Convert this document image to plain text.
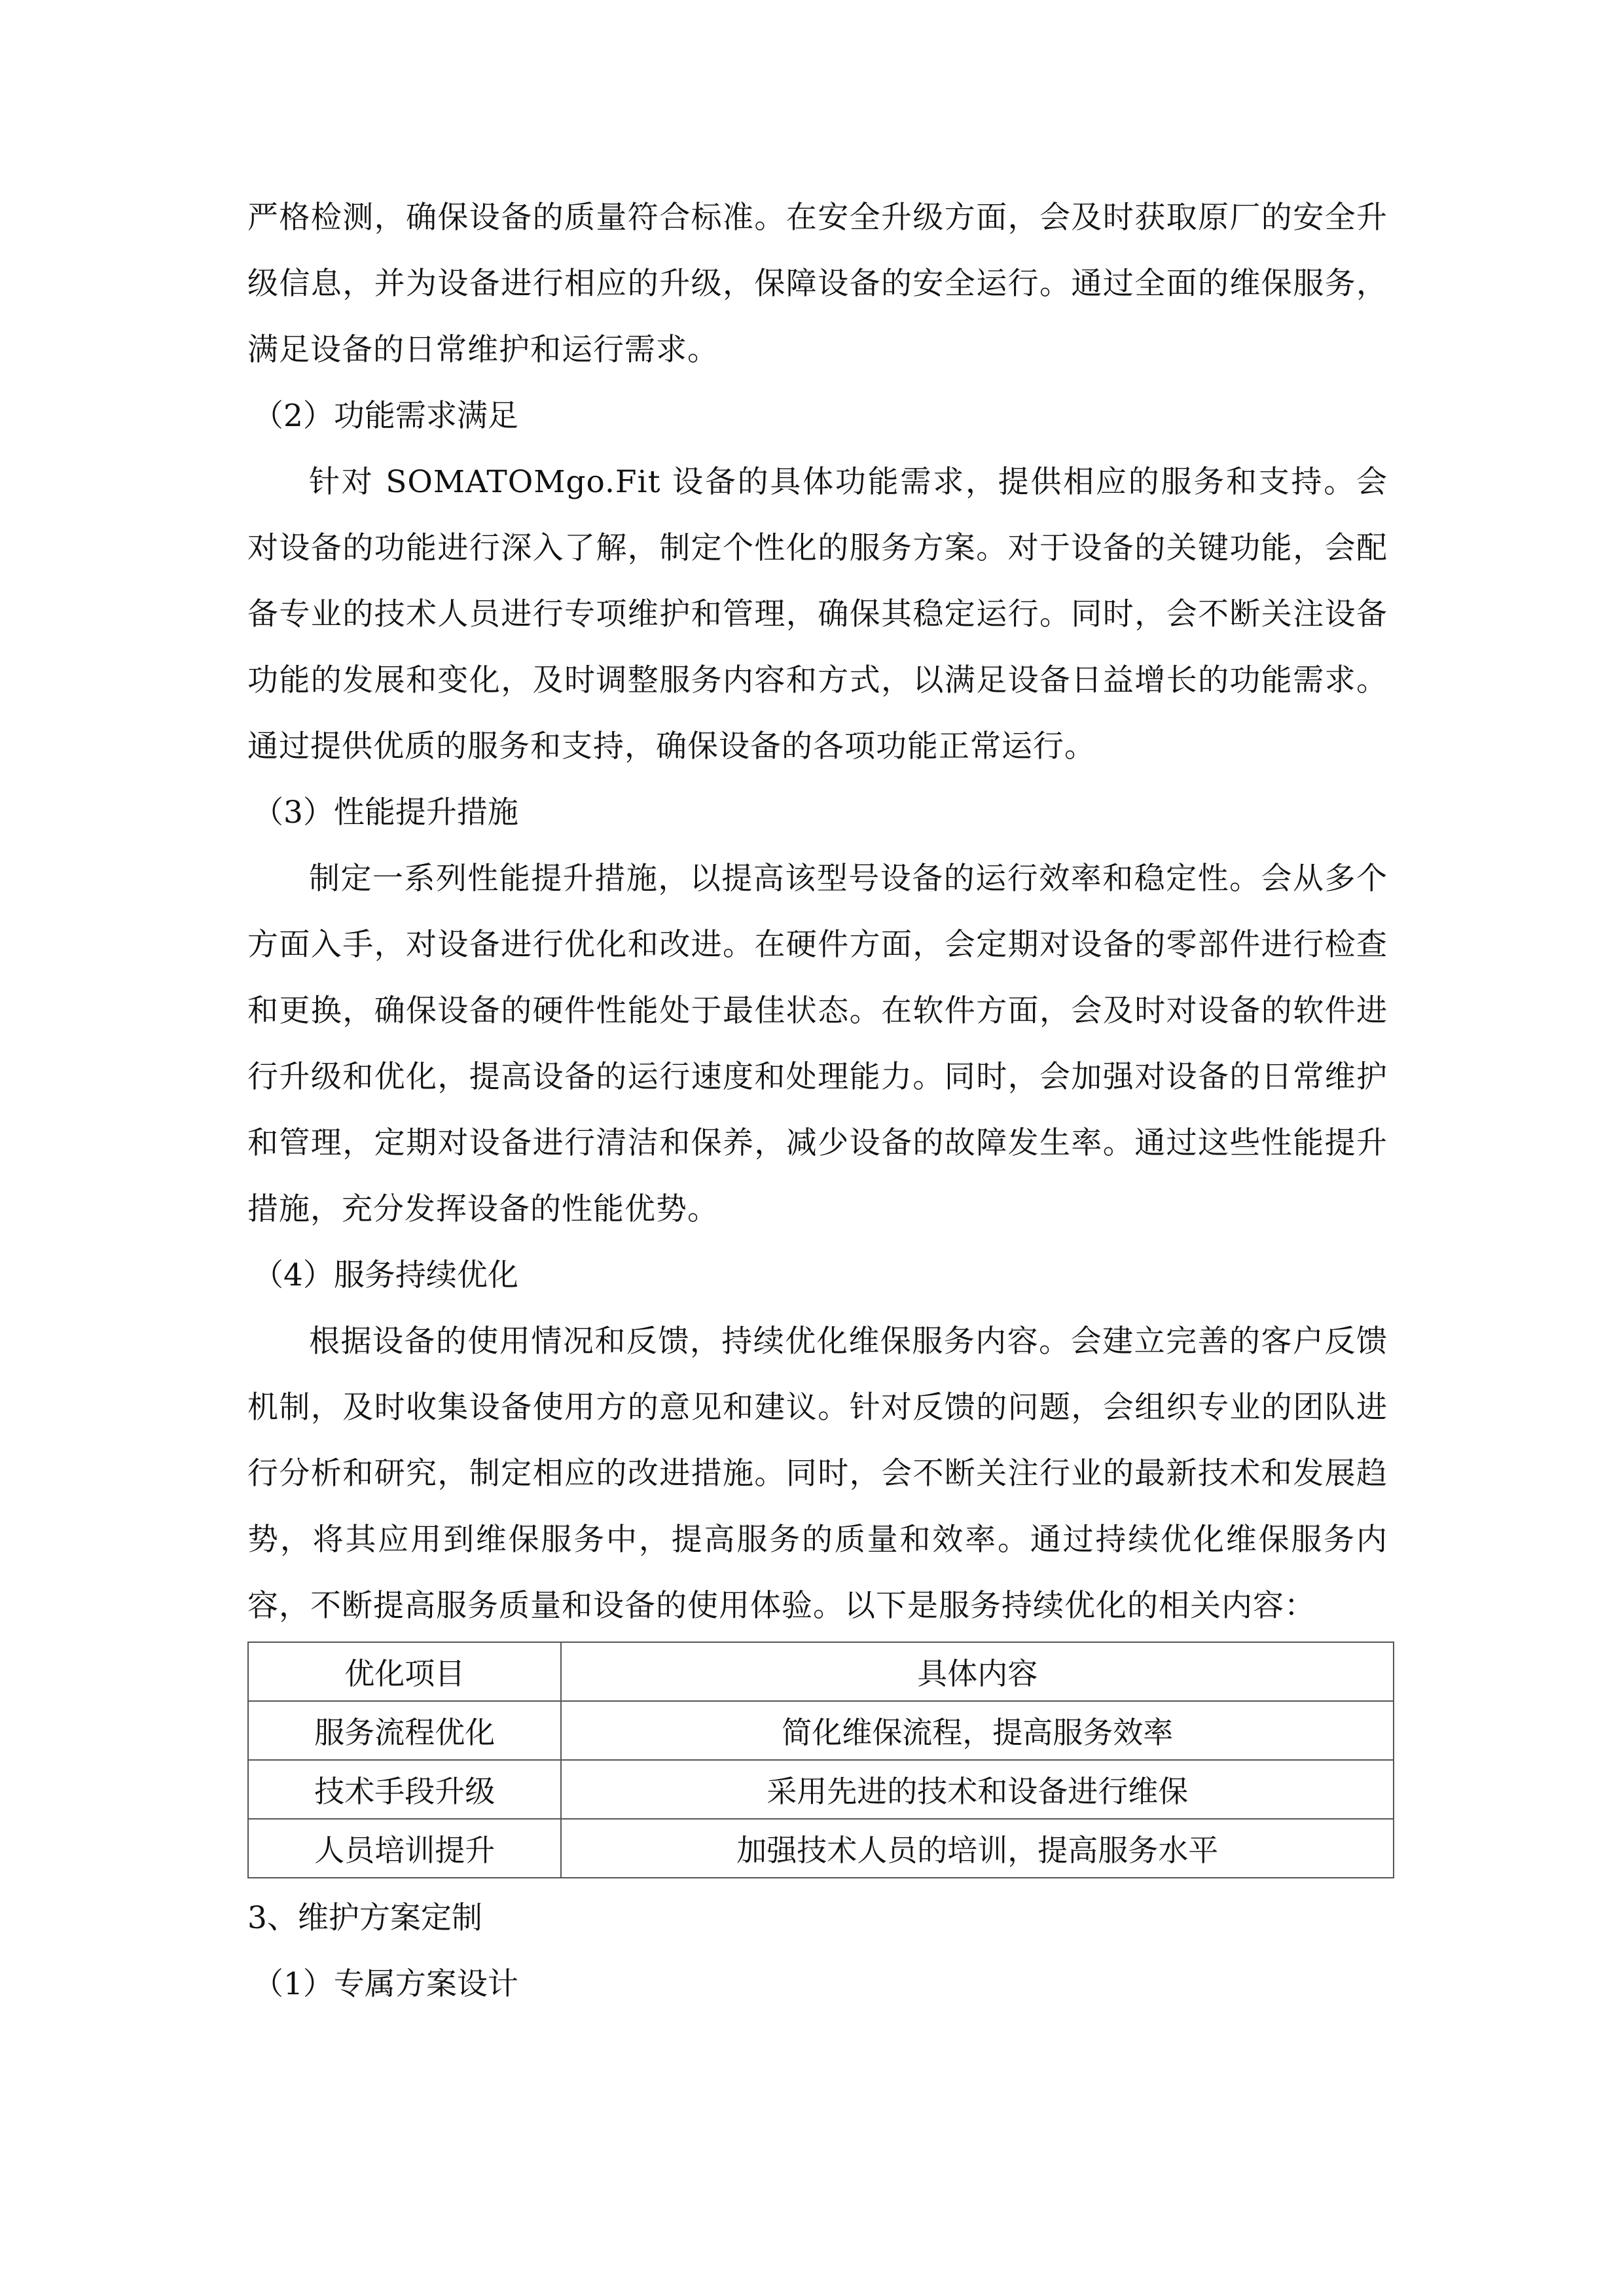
严格检测，确保设备的质量符合标准。在安全升级方面，会及时获取原厂的安全升级信息，并为设备进行相应的升级，保障设备的安全运行。通过全面的维保服务，满足设备的日常维护和运行需求。

（2）功能需求满足

针对 SOMATOMgo.Fit 设备的具体功能需求，提供相应的服务和支持。会对设备的功能进行深入了解，制定个性化的服务方案。对于设备的关键功能，会配备专业的技术人员进行专项维护和管理，确保其稳定运行。同时，会不断关注设备功能的发展和变化，及时调整服务内容和方式，以满足设备日益增长的功能需求。通过提供优质的服务和支持，确保设备的各项功能正常运行。

（3）性能提升措施

制定一系列性能提升措施，以提高该型号设备的运行效率和稳定性。会从多个方面入手，对设备进行优化和改进。在硬件方面，会定期对设备的零部件进行检查和更换，确保设备的硬件性能处于最佳状态。在软件方面，会及时对设备的软件进行升级和优化，提高设备的运行速度和处理能力。同时，会加强对设备的日常维护和管理，定期对设备进行清洁和保养，减少设备的故障发生率。通过这些性能提升措施，充分发挥设备的性能优势。

（4）服务持续优化

根据设备的使用情况和反馈，持续优化维保服务内容。会建立完善的客户反馈机制，及时收集设备使用方的意见和建议。针对反馈的问题，会组织专业的团队进行分析和研究，制定相应的改进措施。同时，会不断关注行业的最新技术和发展趋势，将其应用到维保服务中，提高服务的质量和效率。通过持续优化维保服务内容，不断提高服务质量和设备的使用体验。以下是服务持续优化的相关内容：

优化项目	具体内容
服务流程优化	简化维保流程，提高服务效率
技术手段升级	采用先进的技术和设备进行维保
人员培训提升	加强技术人员的培训，提高服务水平

3、维护方案定制

（1）专属方案设计
